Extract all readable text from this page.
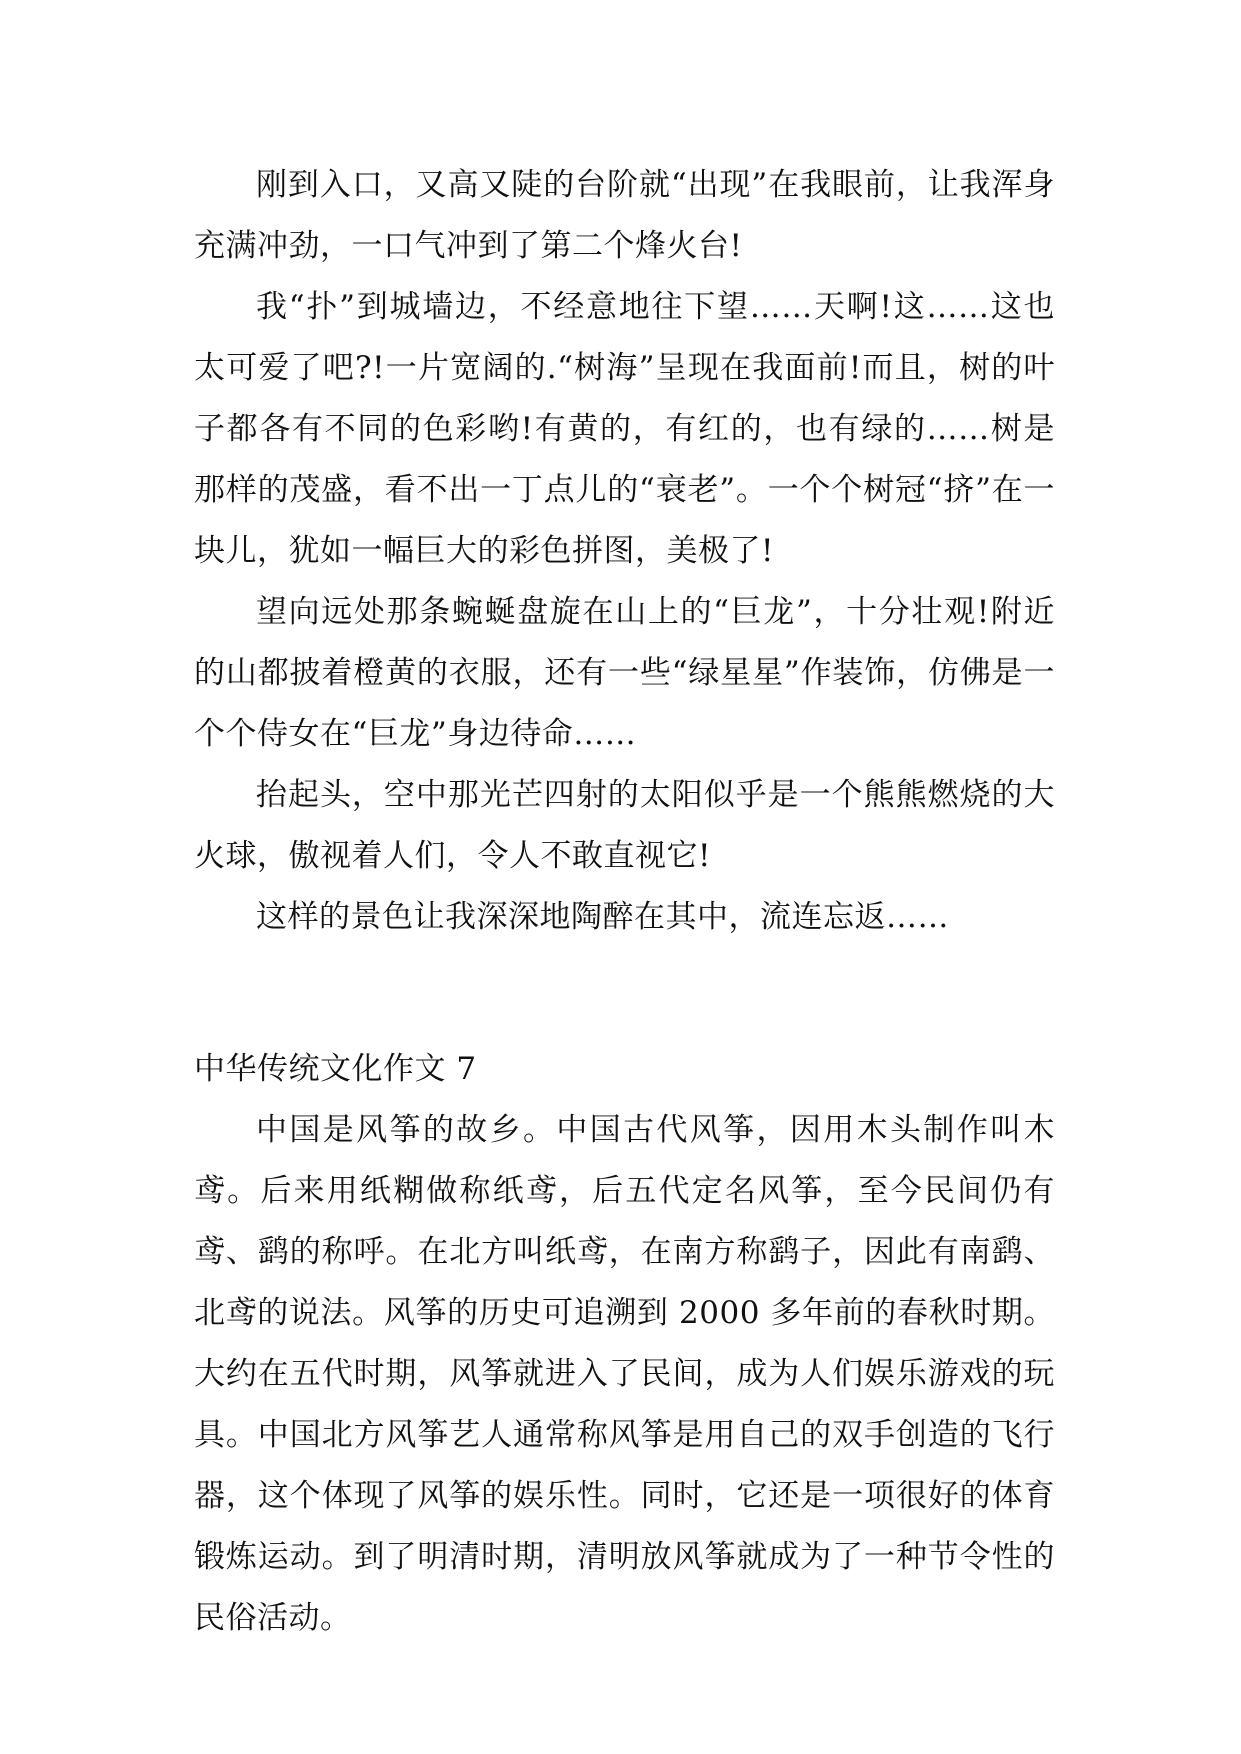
刚到入口，又高又陡的台阶就“出现”在我眼前，让我浑身充满冲劲，一口气冲到了第二个烽火台!

我“扑”到城墙边，不经意地往下望……天啊!这……这也太可爱了吧?!一片宽阔的.“树海”呈现在我面前!而且，树的叶子都各有不同的色彩哟!有黄的，有红的，也有绿的……树是那样的茂盛，看不出一丁点儿的“衰老”。一个个树冠“挤”在一块儿，犹如一幅巨大的彩色拼图，美极了!

望向远处那条蜿蜒盘旋在山上的“巨龙”，十分壮观!附近的山都披着橙黄的衣服，还有一些“绿星星”作装饰，仿佛是一个个侍女在“巨龙”身边待命……

抬起头，空中那光芒四射的太阳似乎是一个熊熊燃烧的大火球，傲视着人们，令人不敢直视它!

这样的景色让我深深地陶醉在其中，流连忘返……

中华传统文化作文 7

中国是风筝的故乡。中国古代风筝，因用木头制作叫木鸢。后来用纸糊做称纸鸢，后五代定名风筝，至今民间仍有鸢、鹞的称呼。在北方叫纸鸢，在南方称鹞子，因此有南鹞、北鸢的说法。风筝的历史可追溯到 2000 多年前的春秋时期。大约在五代时期，风筝就进入了民间，成为人们娱乐游戏的玩具。中国北方风筝艺人通常称风筝是用自己的双手创造的飞行器，这个体现了风筝的娱乐性。同时，它还是一项很好的体育锻炼运动。到了明清时期，清明放风筝就成为了一种节令性的民俗活动。
